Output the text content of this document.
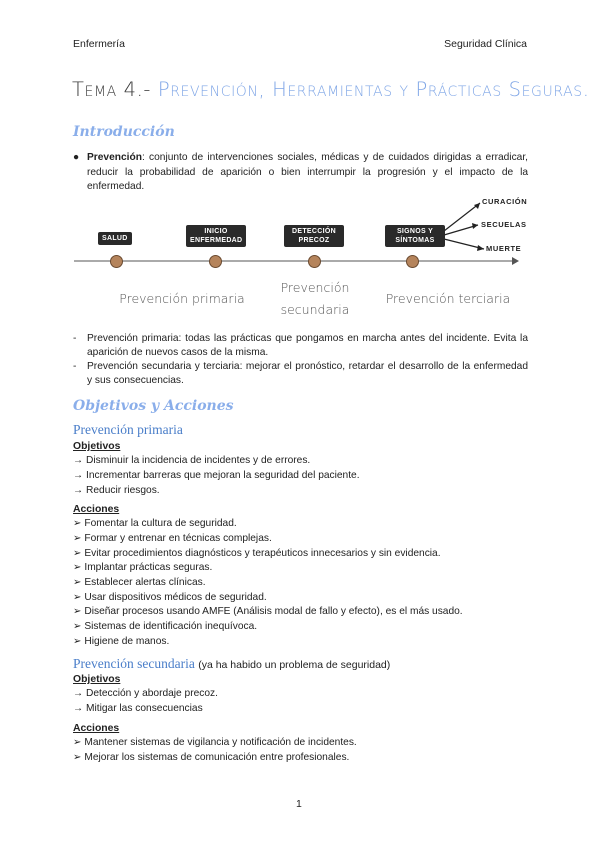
Enfermería	Seguridad Clínica
Tema 4.- Prevención, Herramientas y Prácticas Seguras.
Introducción
● Prevención: conjunto de intervenciones sociales, médicas y de cuidados dirigidas a erradicar, reducir la probabilidad de aparición o bien interrumpir la progresión y el impacto de la enfermedad.
SALUD
INICIO ENFERMEDAD
DETECCIÓN PRECOZ
SIGNOS Y SÍNTOMAS
CURACIÓN
SECUELAS
MUERTE
Prevención primaria
Prevención secundaria
Prevención terciaria
- Prevención primaria: todas las prácticas que pongamos en marcha antes del incidente. Evita la aparición de nuevos casos de la misma.
- Prevención secundaria y terciaria: mejorar el pronóstico, retardar el desarrollo de la enfermedad y sus consecuencias.
Objetivos y Acciones
Prevención primaria
Objetivos
→ Disminuir la incidencia de incidentes y de errores.
→ Incrementar barreras que mejoran la seguridad del paciente.
→ Reducir riesgos.
Acciones
➢ Fomentar la cultura de seguridad.
➢ Formar y entrenar en técnicas complejas.
➢ Evitar procedimientos diagnósticos y terapéuticos innecesarios y sin evidencia.
➢ Implantar prácticas seguras.
➢ Establecer alertas clínicas.
➢ Usar dispositivos médicos de seguridad.
➢ Diseñar procesos usando AMFE (Análisis modal de fallo y efecto), es el más usado.
➢ Sistemas de identificación inequívoca.
➢ Higiene de manos.
Prevención secundaria (ya ha habido un problema de seguridad)
Objetivos
→ Detección y abordaje precoz.
→ Mitigar las consecuencias
Acciones
➢ Mantener sistemas de vigilancia y notificación de incidentes.
➢ Mejorar los sistemas de comunicación entre profesionales.
1
